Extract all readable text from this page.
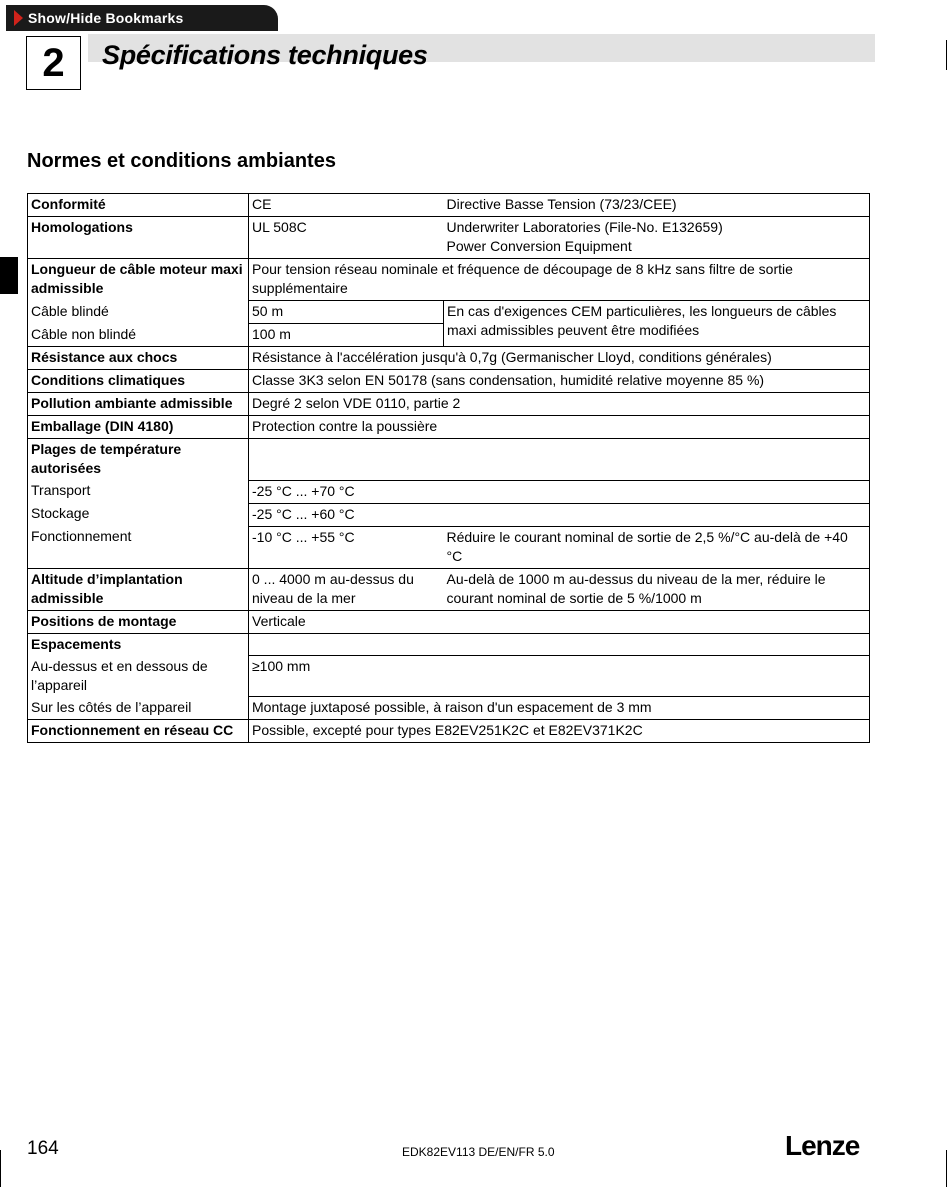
Show/Hide Bookmarks
2	Spécifications techniques
Normes et conditions ambiantes
Conformité	CE	Directive Basse Tension (73/23/CEE)
Homologations	UL 508C	Underwriter Laboratories (File-No. E132659)
Power Conversion Equipment

Longueur de câble moteur maxi admissible	Pour tension réseau nominale et fréquence de découpage de 8 kHz sans filtre de sortie supplémentaire	
Câble blindé	50 m	En cas d'exigences CEM particulières, les longueurs de câbles maxi admissibles peuvent être modifiées
Câble non blindé	100 m	
Résistance aux chocs	Résistance à l'accélération jusqu'à 0,7g (Germanischer Lloyd, conditions générales)	
Conditions climatiques	Classe 3K3 selon EN 50178 (sans condensation, humidité relative moyenne 85 %)	
Pollution ambiante admissible	Degré 2 selon VDE 0110, partie 2	
Emballage (DIN 4180)	Protection contre la poussière	
Plages de température autorisées		
Transport	-25 °C ... +70 °C	
Stockage	-25 °C ... +60 °C	
Fonctionnement	-10 °C ... +55 °C	Réduire le courant nominal de sortie de 2,5 %/°C au-delà de +40 °C
Altitude d’implantation admissible	0 ... 4000 m au-dessus du niveau de la mer	Au-delà de 1000 m au-dessus du niveau de la mer, réduire le courant nominal de sortie de 5 %/1000 m
Positions de montage	Verticale	
Espacements		
Au-dessus et en dessous de l’appareil	≥100 mm	
Sur les côtés de l’appareil	Montage juxtaposé possible, à raison d'un espacement de 3 mm	
Fonctionnement en réseau CC	Possible, excepté pour types E82EV251K2C et E82EV371K2C	
164	EDK82EV113 DE/EN/FR 5.0	Lenze
